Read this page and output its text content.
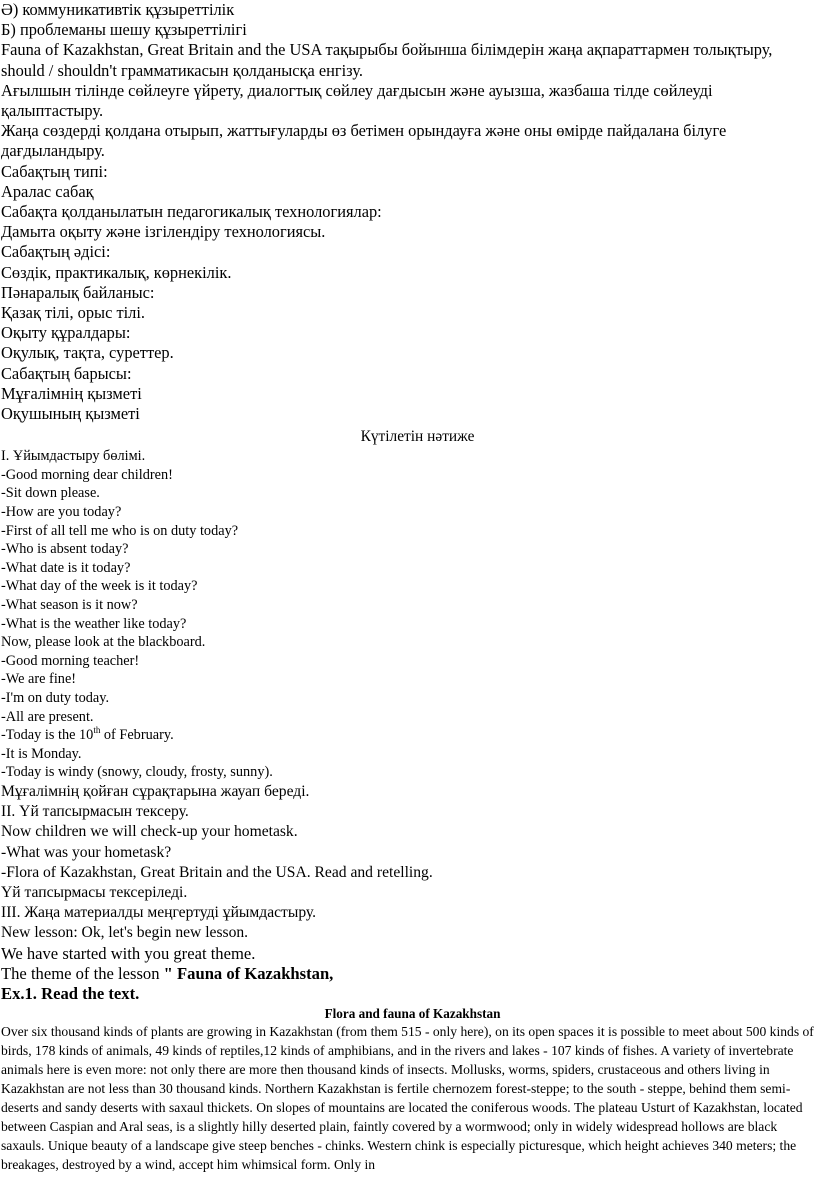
Ә) коммуникативтік құзыреттілік

Б) проблеманы шешу құзыреттілігі

Fauna of Kazakhstan, Great Britain and the USA тақырыбы бойынша білімдерін жаңа ақпараттармен толықтыру, should / shouldn't грамматикасын қолданысқа енгізу.

Ағылшын тілінде сөйлеуге үйрету, диалогтық сөйлеу дағдысын және ауызша, жазбаша тілде сөйлеуді қалыптастыру.

Жаңа сөздерді қолдана отырып, жаттығуларды өз бетімен орындауға және оны өмірде пайдалана білуге дағдыландыру.

Сабақтың типі:

Аралас сабақ

Сабақта қолданылатын педагогикалық технологиялар:

Дамыта оқыту және ізгілендіру технологиясы.

Сабақтың әдісі:

Сөздік, практикалық, көрнекілік.

Пәнаралық байланыс:

Қазақ тілі, орыс тілі.

Оқыту құралдары:

Оқулық, тақта, суреттер.

Сабақтың барысы:

Мұғалімнің қызметі

Оқушының қызметі

Күтілетін нәтиже

I. Ұйымдастыру бөлімі.

-Good morning dear children!

-Sit down please.

-How are you today?

-First of all tell me who is on duty today?

-Who is absent today?

-What date is it today?

-What day of the week is it today?

-What season is it now?

-What is the weather like today?

Now, please look at the blackboard.

-Good morning teacher!

-We are fine!

-I'm on duty today.

-All are present.

-Today is the 10th of February.

-It is Monday.

-Today is windy (snowy, cloudy, frosty, sunny).

Мұғалімнің қойған сұрақтарына жауап береді.

II. Үй тапсырмасын тексеру.

Now children we will check-up your hometask.

-What was your hometask?

-Flora of Kazakhstan, Great Britain and the USA. Read and retelling.

Үй тапсырмасы тексеріледі.

III. Жаңа материалды меңгертуді ұйымдастыру.

New lesson: Ok, let's begin new lesson.

We have started with you great theme.

The theme of the lesson " Fauna of Kazakhstan,

Ex.1. Read the text.

Flora and fauna of Kazakhstan

Over six thousand kinds of plants are growing in Kazakhstan (from them 515 - only here), on its open spaces it is possible to meet about 500 kinds of birds, 178 kinds of animals, 49 kinds of reptiles,12 kinds of amphibians, and in the rivers and lakes - 107 kinds of fishes. A variety of invertebrate animals here is even more: not only there are more then thousand kinds of insects. Mollusks, worms, spiders, crustaceous and others living in Kazakhstan are not less than 30 thousand kinds. Northern Kazakhstan is fertile chernozem forest-steppe; to the south - steppe, behind them semi-deserts and sandy deserts with saxaul thickets. On slopes of mountains are located the coniferous woods. The plateau Usturt of Kazakhstan, located between Caspian and Aral seas, is a slightly hilly deserted plain, faintly covered by a wormwood; only in widely widespread hollows are black saxauls. Unique beauty of a landscape give steep benches - chinks. Western chink is especially picturesque, which height achieves 340 meters; the breakages, destroyed by a wind, accept him whimsical form. Only in
